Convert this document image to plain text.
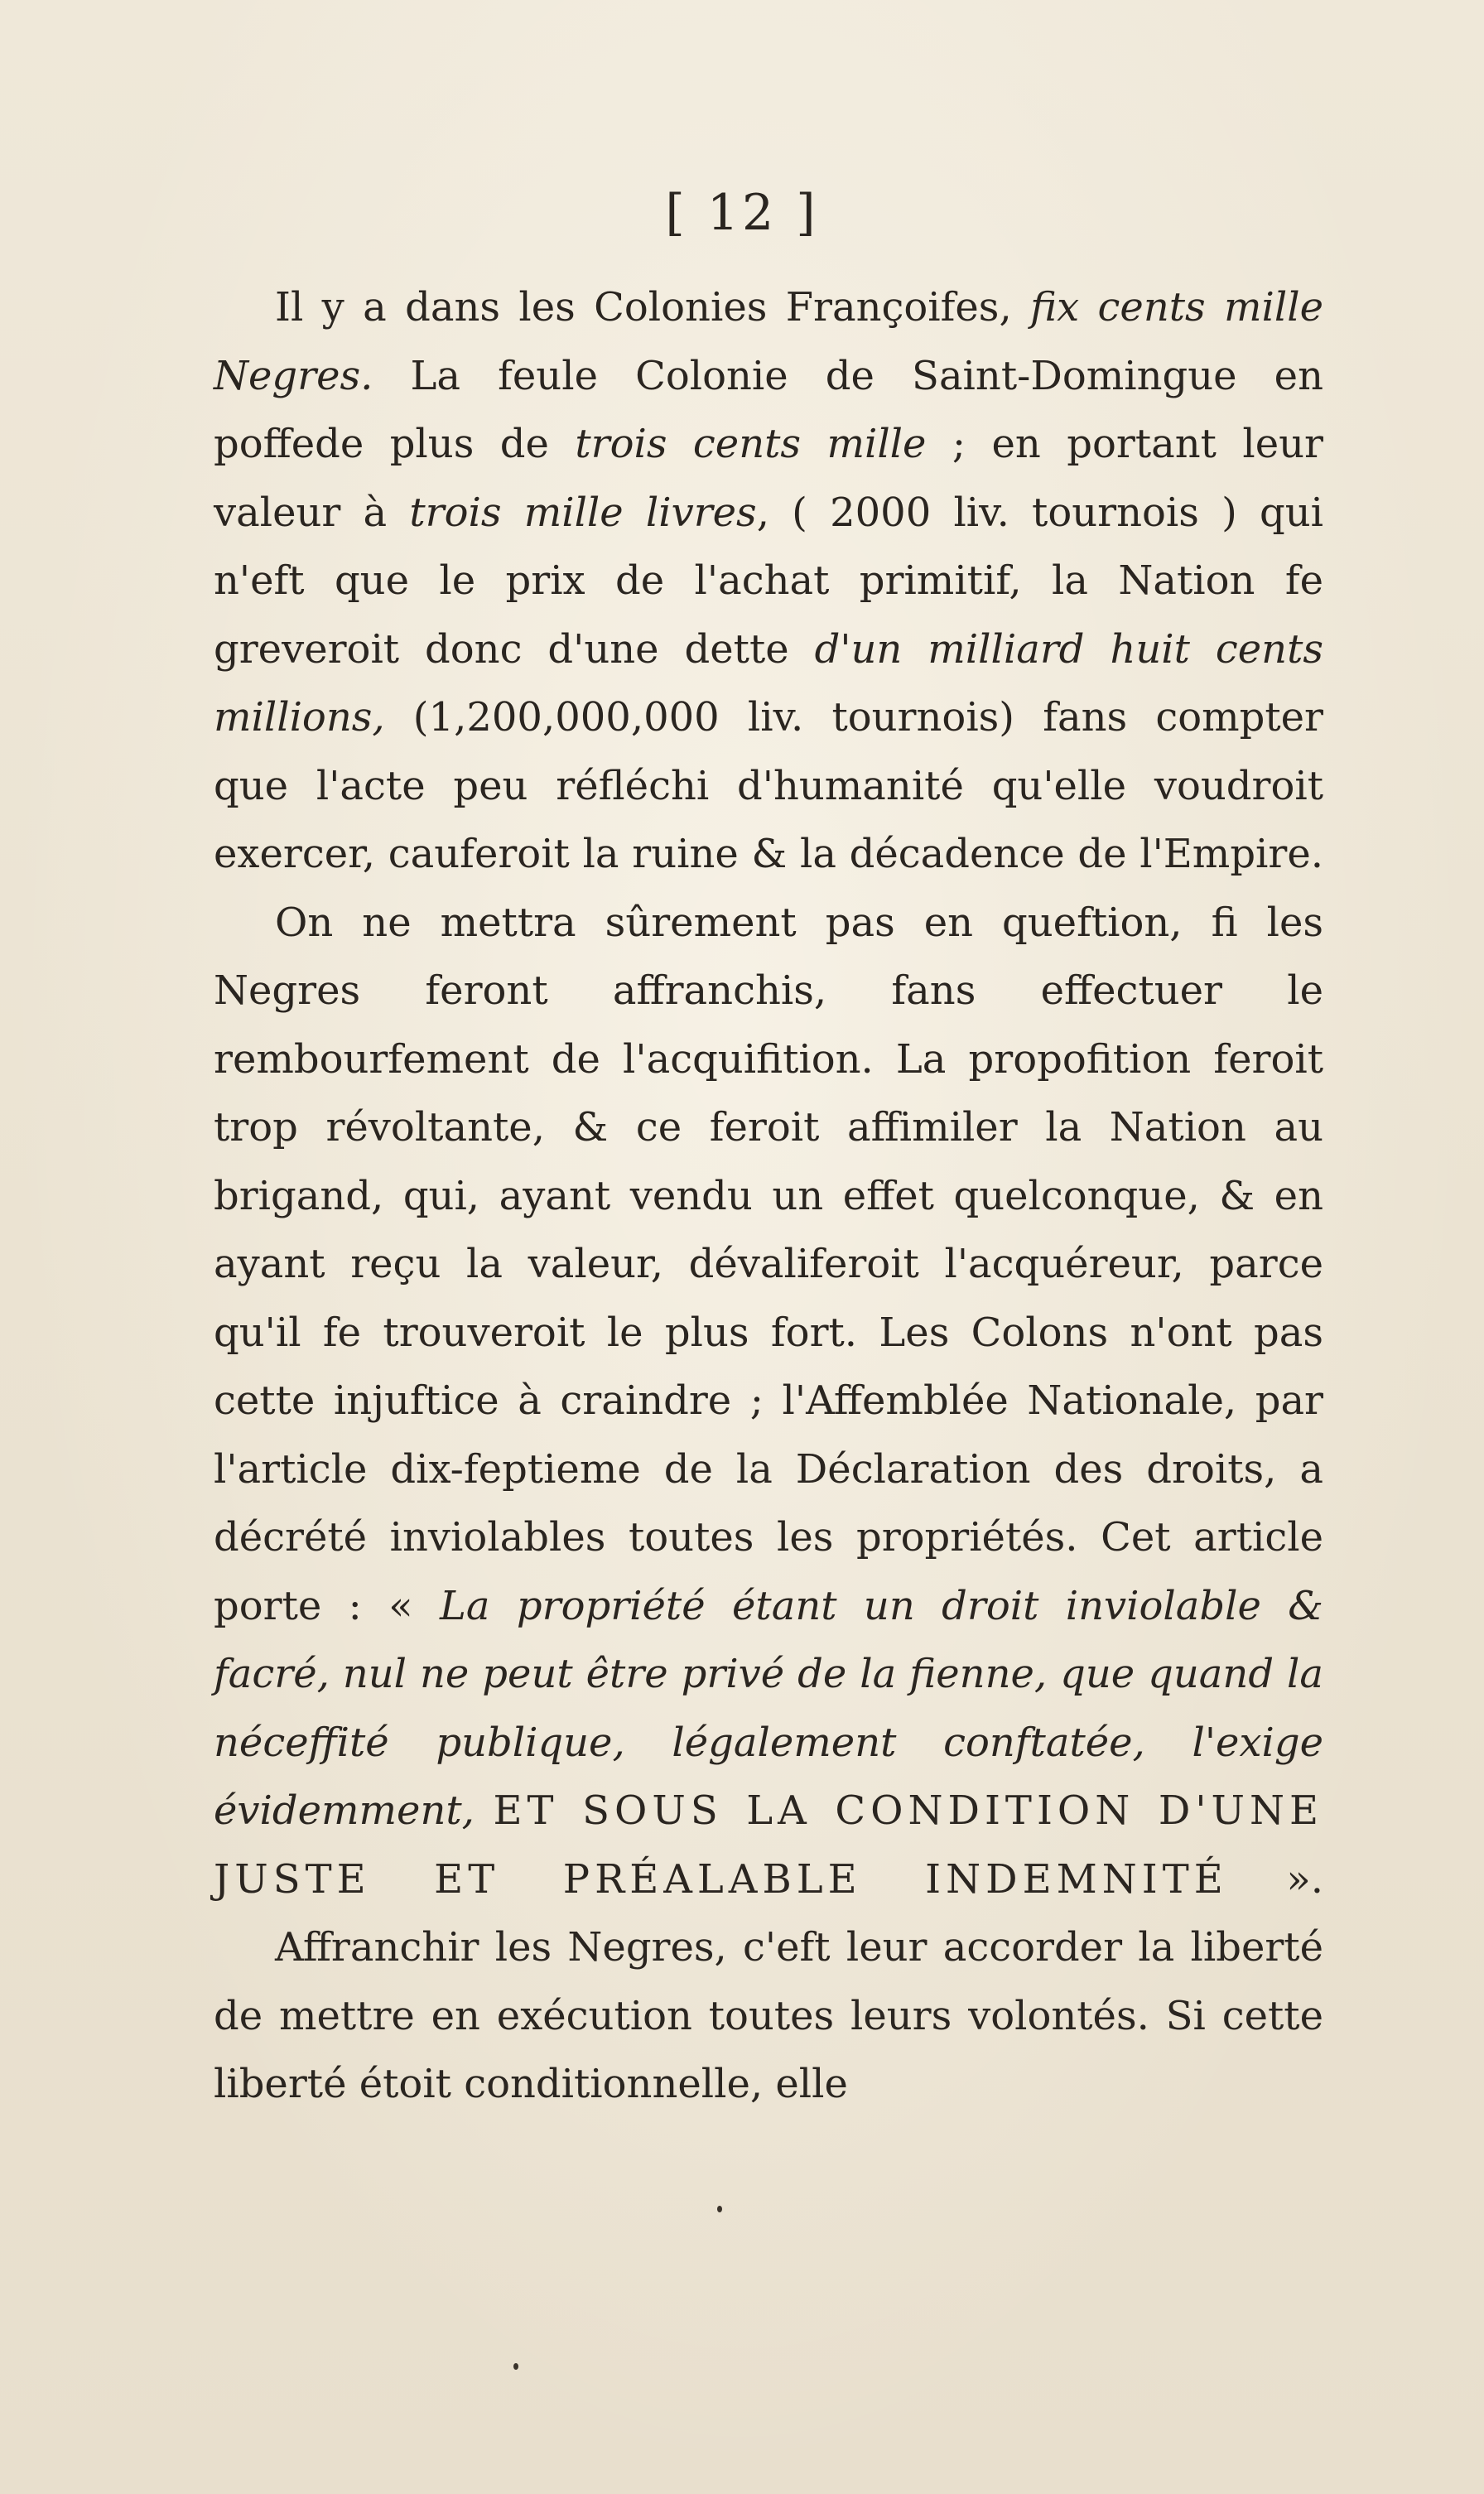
[ 12 ]

Il y a dans les Colonies Françoifes, fix cents mille Negres. La feule Colonie de Saint-Domingue en poffede plus de trois cents mille ; en portant leur valeur à trois mille livres, ( 2000 liv. tournois ) qui n'eft que le prix de l'achat primitif, la Nation fe greveroit donc d'une dette d'un milliard huit cents millions, (1,200,000,000 liv. tournois) fans compter que l'acte peu réfléchi d'humanité qu'elle voudroit exercer, cauferoit la ruine & la décadence de l'Empire.

On ne mettra sûrement pas en queftion, fi les Negres feront affranchis, fans effectuer le rembourfement de l'acquifition. La propofition feroit trop révoltante, & ce feroit affimiler la Nation au brigand, qui, ayant vendu un effet quelconque, & en ayant reçu la valeur, dévaliferoit l'acquéreur, parce qu'il fe trouveroit le plus fort. Les Colons n'ont pas cette injuftice à craindre ; l'Affemblée Nationale, par l'article dix-feptieme de la Déclaration des droits, a décrété inviolables toutes les propriétés. Cet article porte : « La propriété étant un droit inviolable & facré, nul ne peut être privé de la fienne, que quand la néceffité publique, légalement conftatée, l'exige évidemment, ET SOUS LA CONDITION D'UNE JUSTE ET PRÉALABLE INDEMNITÉ ».

Affranchir les Negres, c'eft leur accorder la liberté de mettre en exécution toutes leurs volontés. Si cette liberté étoit conditionnelle, elle
